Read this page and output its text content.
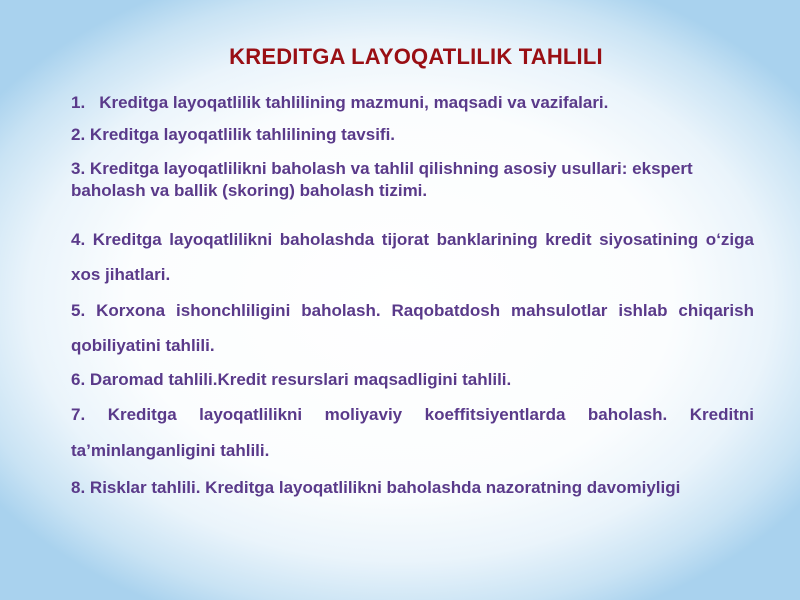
KREDITGA LAYOQATLILIK TAHLILI

1. Kreditga layoqatlilik tahlilining mazmuni, maqsadi va vazifalari.

2. Kreditga layoqatlilik tahlilining tavsifi.

3. Kreditga layoqatlilikni baholash va tahlil qilishning asosiy usullari: ekspert baholash va ballik (skoring) baholash tizimi.

4. Kreditga layoqatlilikni baholashda tijorat banklarining kredit siyosatining o‘ziga xos jihatlari.

5. Korxona ishonchliligini baholash. Raqobatdosh mahsulotlar ishlab chiqarish qobiliyatini tahlili.

6. Daromad tahlili.Kredit resurslari maqsadligini tahlili.

7. Kreditga layoqatlilikni moliyaviy koeffitsiyentlarda baholash. Kreditni ta’minlanganligini tahlili.

8. Risklar tahlili. Kreditga layoqatlilikni baholashda nazoratning davomiyligi
